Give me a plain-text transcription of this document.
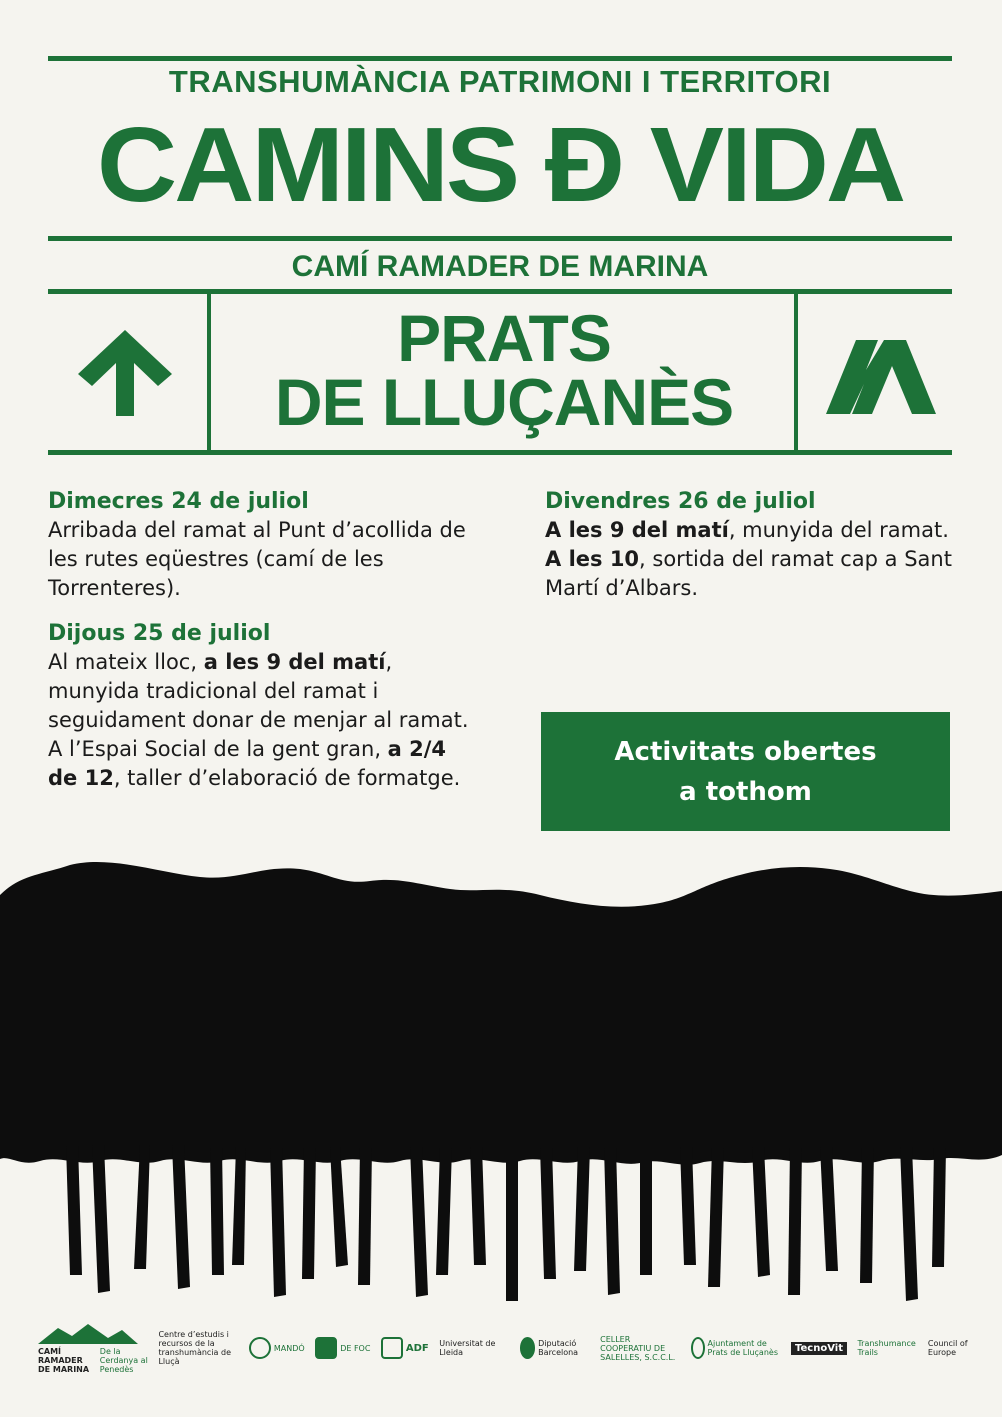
TRANSHUMÀNCIA PATRIMONI I TERRITORI
CAMINS Đ VIDA
CAMÍ RAMADER DE MARINA
PRATS
DE LLUÇANÈS
Dimecres 24 de juliol
Arribada del ramat al Punt d’acollida de les rutes eqüestres (camí de les Torrenteres).
Dijous 25 de juliol
Al mateix lloc, a les 9 del matí, munyida tradicional del ramat i seguidament donar de menjar al ramat. A l’Espai Social de la gent gran, a 2/4 de 12, taller d’elaboració de formatge.
Divendres 26 de juliol
A les 9 del matí, munyida del ramat.
A les 10, sortida del ramat cap a Sant Martí d’Albars.
Activitats obertes
a tothom
CAMÍ RAMADER DE MARINA
De la Cerdanya al Penedès
Centre d’estudis i recursos de la transhumància de Lluçà
MANDÓ	DE FOC	ADF Universitat de Lleida
Diputació Barcelona
CELLER COOPERATIU DE SALELLES, S.C.C.L.
Ajuntament de Prats de Lluçanès	TecnoVit	Transhumance Trails
Council of Europe
